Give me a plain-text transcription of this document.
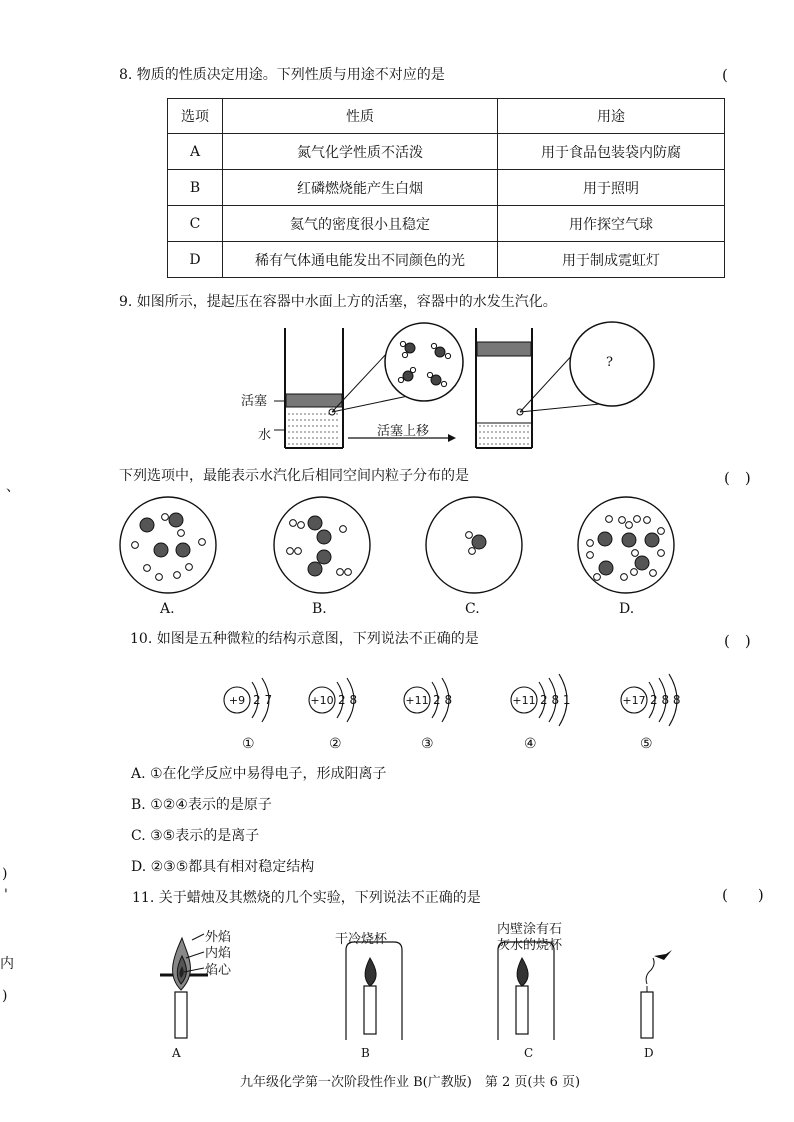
8. 物质的性质决定用途。下列性质与用途不对应的是	(
选项	性质	用途
A	氮气化学性质不活泼	用于食品包装袋内防腐
B	红磷燃烧能产生白烟	用于照明
C	氦气的密度很小且稳定	用作探空气球
D	稀有气体通电能发出不同颜色的光	用于制成霓虹灯
9. 如图所示，提起压在容器中水面上方的活塞，容器中的水发生汽化。
活塞
水	活塞上移
?
下列选项中，最能表示水汽化后相同空间内粒子分布的是	(　)
A.	B.	C.	D.
10. 如图是五种微粒的结构示意图，下列说法不正确的是	(　)
+9	+10	+11	+11	+17
2 7	2 8	2 8	2 8 1	2 8 8
①	②	③	④	⑤
A. ①在化学反应中易得电子，形成阳离子
B. ①②④表示的是原子
C. ③⑤表示的是离子
D. ②③⑤都具有相对稳定结构
11. 关于蜡烛及其燃烧的几个实验，下列说法不正确的是	(　　)
外焰
内焰
焰心
干冷烧杯
内壁涂有石
灰水的烧杯
A	B	C	D
、
)
'
内
)
九年级化学第一次阶段性作业 B(广教版)　第 2 页(共 6 页)
